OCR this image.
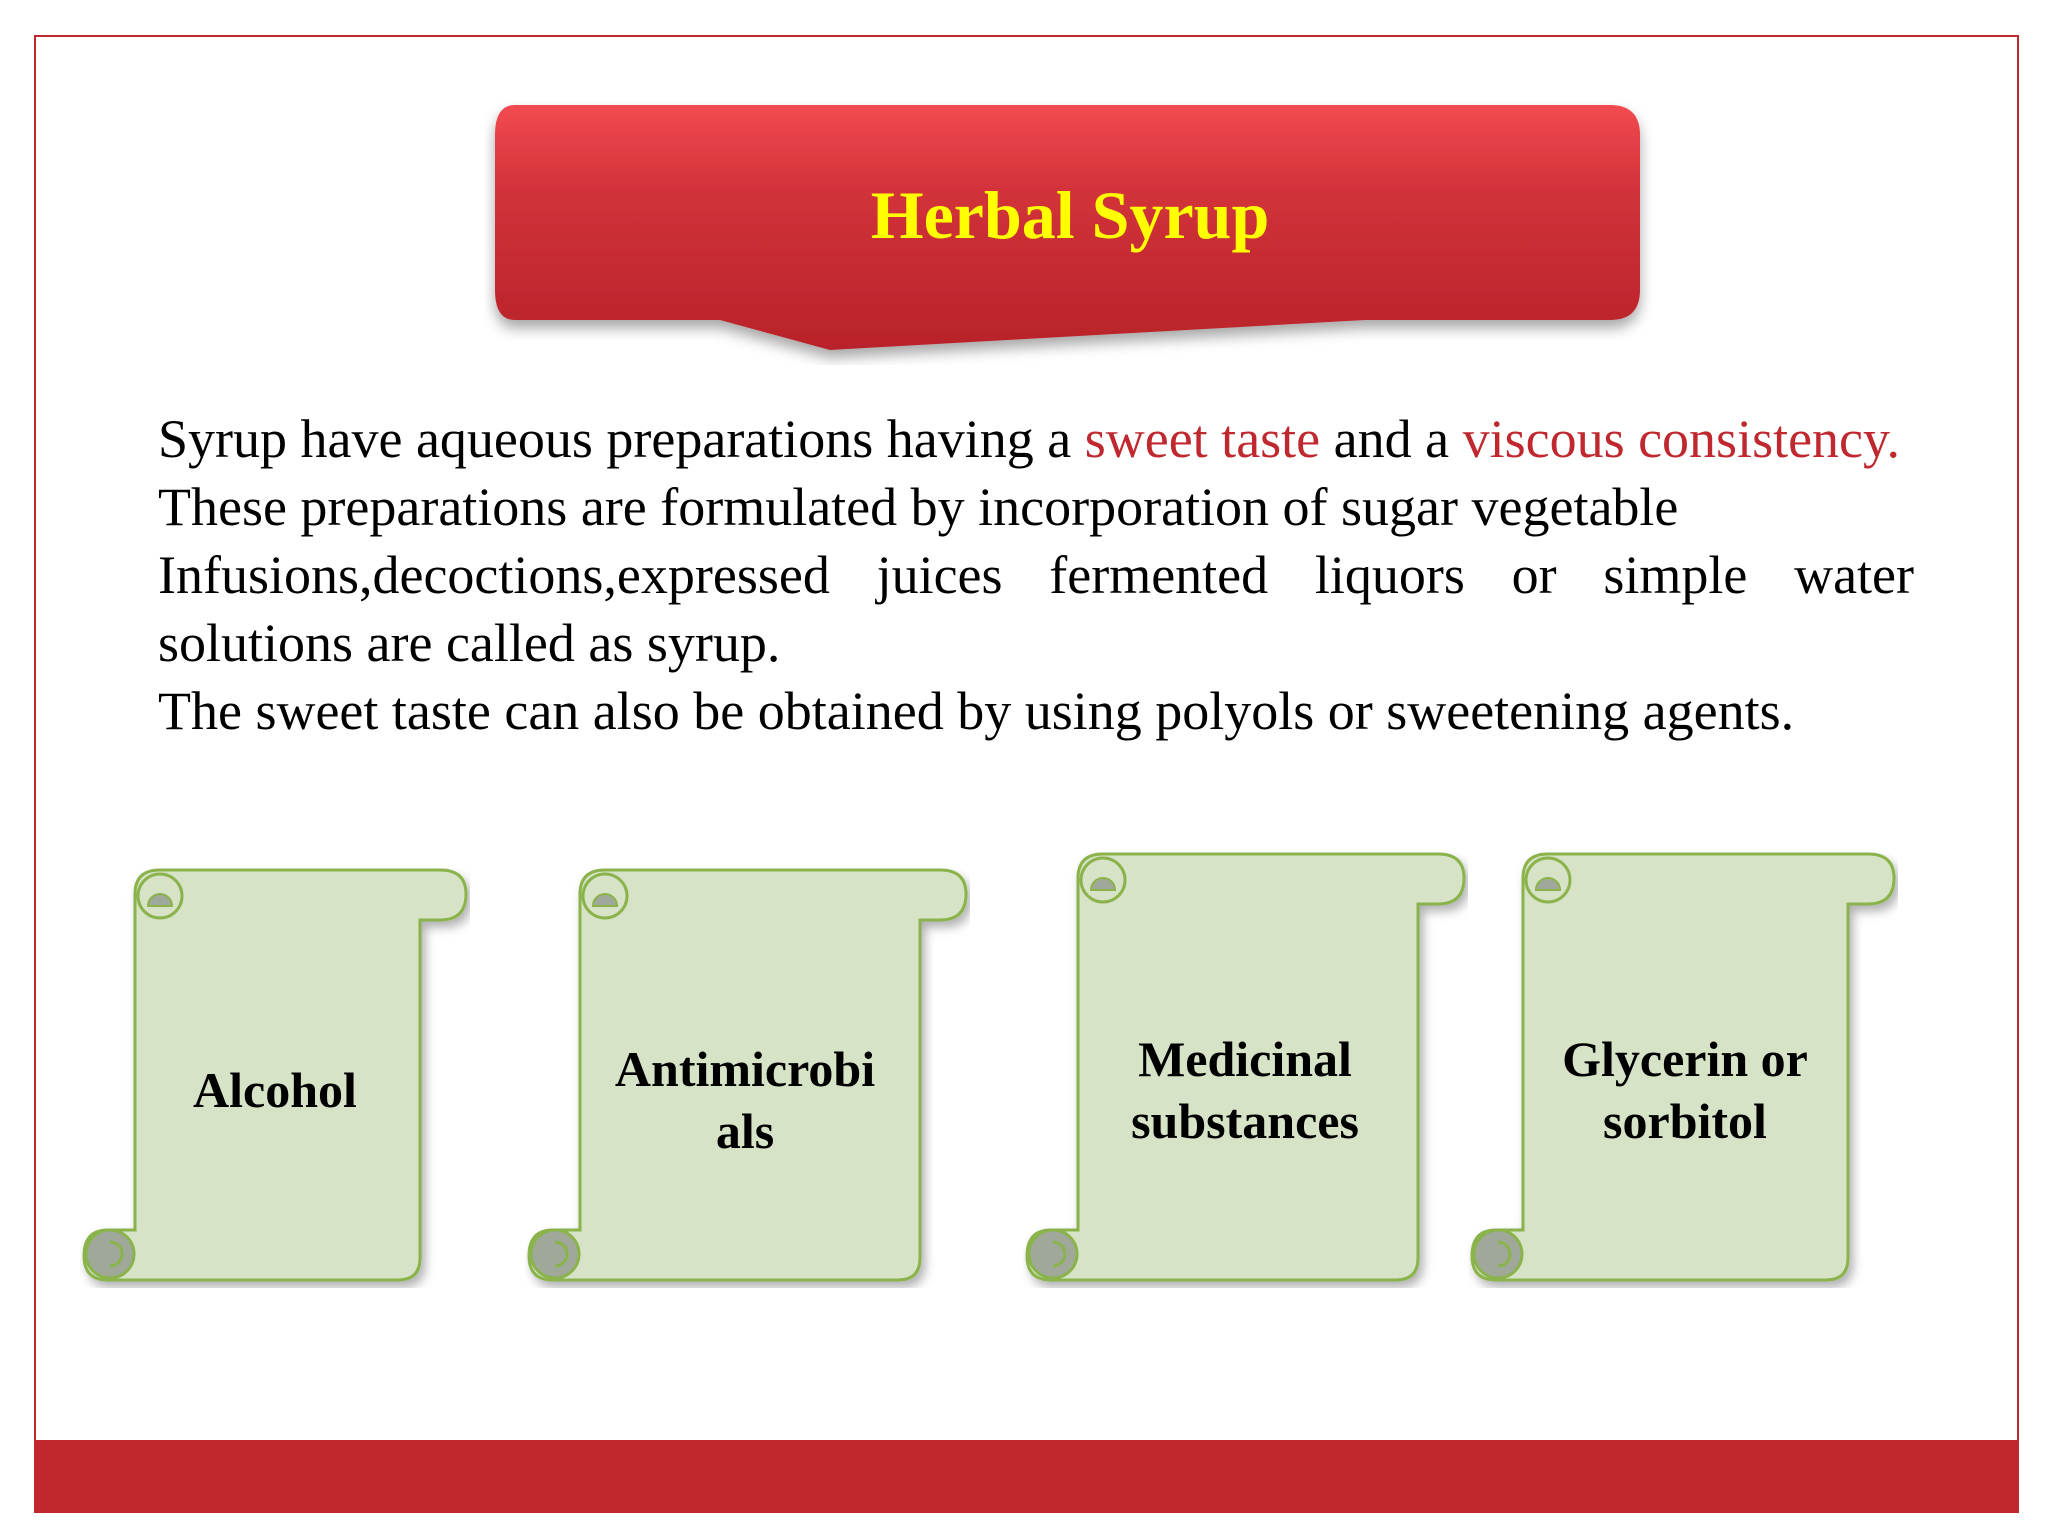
Herbal Syrup

Syrup have aqueous preparations having a sweet taste and a viscous consistency.

These preparations are formulated by incorporation of sugar vegetable

Infusions,decoctions,expressed juices fermented liquors or simple water solutions are called as syrup.

The sweet taste can also be obtained by using polyols or sweetening agents.

Alcohol	Antimicrobials
Medicinal substances
Glycerin or sorbitol
